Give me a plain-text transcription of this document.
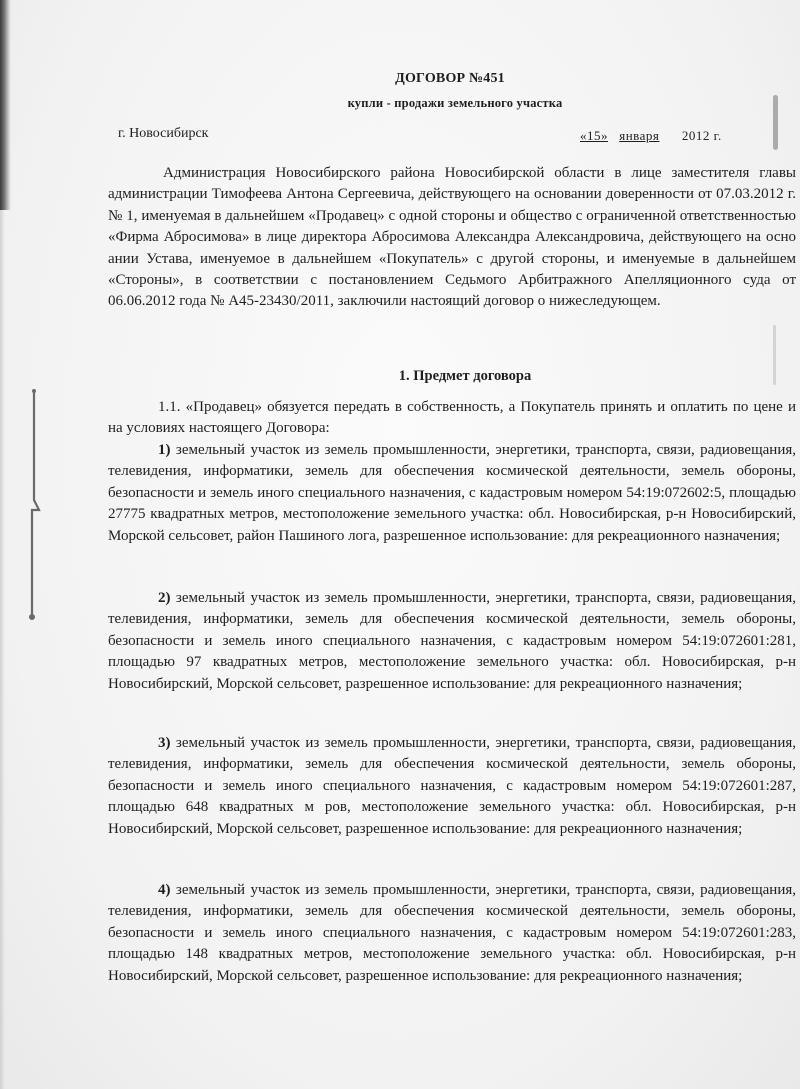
ДОГОВОР №451
купли - продажи земельного участка
г. Новосибирск	«15» января 2012 г.
Администрация Новосибирского района Новосибирской области в лице заместителя главы администрации Тимофеева Антона Сергеевича, действующего на основании доверенности от 07.03.2012 г. № 1, именуемая в дальнейшем «Продавец» с одной стороны и общество с ограниченной ответственностью «Фирма Абросимова» в лице директора Абросимова Александра Александровича, действующего на осно ании Устава, именуемое в дальнейшем «Покупатель» с другой стороны, и именуемые в дальнейшем «Стороны», в соответствии с постановлением Седьмого Арбитражного Апелляционного суда от 06.06.2012 года № А45-23430/2011, заключили настоящий договор о нижеследующем.
1. Предмет договора
1.1. «Продавец» обязуется передать в собственность, а Покупатель принять и оплатить по цене и на условиях настоящего Договора:
1) земельный участок из земель промышленности, энергетики, транспорта, связи, радиовещания, телевидения, информатики, земель для обеспечения космической деятельности, земель обороны, безопасности и земель иного специального назначения, с кадастровым номером 54:19:072602:5, площадью 27775 квадратных метров, местоположение земельного участка: обл. Новосибирская, р-н Новосибирский, Морской сельсовет, район Пашиного лога, разрешенное использование: для рекреационного назначения;
2) земельный участок из земель промышленности, энергетики, транспорта, связи, радиовещания, телевидения, информатики, земель для обеспечения космической деятельности, земель обороны, безопасности и земель иного специального назначения, с кадастровым номером 54:19:072601:281, площадью 97 квадратных метров, местоположение земельного участка: обл. Новосибирская, р-н Новосибирский, Морской сельсовет, разрешенное использование: для рекреационного назначения;
3) земельный участок из земель промышленности, энергетики, транспорта, связи, радиовещания, телевидения, информатики, земель для обеспечения космической деятельности, земель обороны, безопасности и земель иного специального назначения, с кадастровым номером 54:19:072601:287, площадью 648 квадратных м ров, местоположение земельного участка: обл. Новосибирская, р-н Новосибирский, Морской сельсовет, разрешенное использование: для рекреационного назначения;
4) земельный участок из земель промышленности, энергетики, транспорта, связи, радиовещания, телевидения, информатики, земель для обеспечения космической деятельности, земель обороны, безопасности и земель иного специального назначения, с кадастровым номером 54:19:072601:283, площадью 148 квадратных метров, местоположение земельного участка: обл. Новосибирская, р-н Новосибирский, Морской сельсовет, разрешенное использование: для рекреационного назначения;
